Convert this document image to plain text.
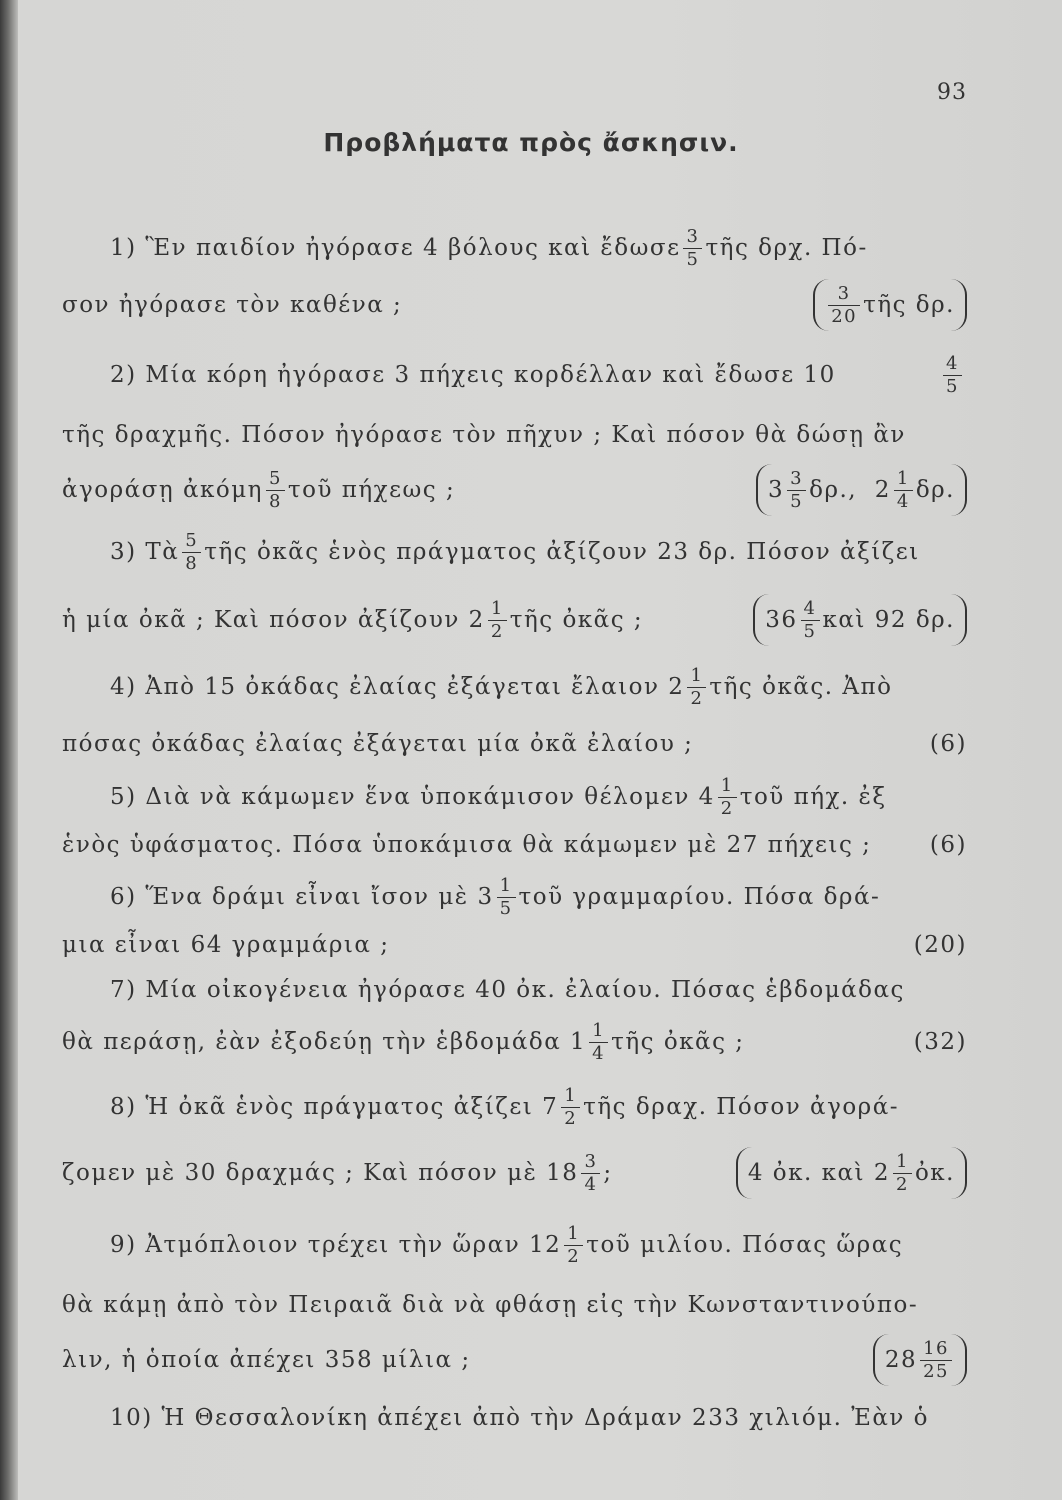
93
Προβλήματα πρὸς ἄσκησιν.
1) Ἓν παιδίον ἠγόρασε 4 βόλους καὶ ἔδωσε $\frac{3}{5}$ τῆς δρχ. Πό-
σον ἠγόρασε τὸν καθένα ;	$\frac{3}{20}$ τῆς δρ.
2) Μία κόρη ἠγόρασε 3 πήχεις κορδέλλαν καὶ ἔδωσε 10	$\frac{4}{5}$
τῆς δραχμῆς. Πόσον ἠγόρασε τὸν πῆχυν ; Καὶ πόσον θὰ δώσῃ ἂν
ἀγοράσῃ ἀκόμη $\frac{5}{8}$ τοῦ πήχεως ;	$3 \frac{3}{5} \delta\rho$.,
$2 \frac{1}{4} \delta\rho$.
3) Τὰ $\frac{5}{8}$ τῆς ὀκᾶς ἑνὸς πράγματος ἀξίζουν 23 δρ. Πόσον ἀξίζει
ἡ μία ὀκᾶ ; Καὶ πόσον ἀξίζουν $2 \frac{1}{2}$ τῆς ὀκᾶς ;	$36 \frac{4}{5}$ καὶ 92 δρ.
4) Ἀπὸ 15 ὀκάδας ἐλαίας ἐξάγεται ἔλαιον $2 \frac{1}{2}$ τῆς ὀκᾶς. Ἀπὸ
πόσας ὀκάδας ἐλαίας ἐξάγεται μία ὀκᾶ ἐλαίου ;	(6)
5) Διὰ νὰ κάμωμεν ἕνα ὑποκάμισον θέλομεν $4 \frac{1}{2}$ τοῦ πήχ. ἐξ
ἑνὸς ὑφάσματος. Πόσα ὑποκάμισα θὰ κάμωμεν μὲ 27 πήχεις ;	(6)
6) Ἕνα δράμι εἶναι ἴσον μὲ $3 \frac{1}{5}$ τοῦ γραμμαρίου. Πόσα δρά-
μια εἶναι 64 γραμμάρια ;	(20)
7) Μία οἰκογένεια ἠγόρασε 40 ὀκ. ἐλαίου. Πόσας ἑβδομάδας
θὰ περάσῃ, ἐὰν ἐξοδεύῃ τὴν ἑβδομάδα $1 \frac{1}{4}$ τῆς ὀκᾶς ;	(32)
8) Ἡ ὀκᾶ ἑνὸς πράγματος ἀξίζει $7 \frac{1}{2}$ τῆς δραχ. Πόσον ἀγορά-
ζομεν μὲ 30 δραχμάς ; Καὶ πόσον μὲ $18 \frac{3}{4}$ ;	4 ὀκ. καὶ $2 \frac{1}{2}$ ὀκ.
9) Ἀτμόπλοιον τρέχει τὴν ὥραν $12 \frac{1}{2}$ τοῦ μιλίου. Πόσας ὥρας
θὰ κάμῃ ἀπὸ τὸν Πειραιᾶ διὰ νὰ φθάσῃ εἰς τὴν Κωνσταντινούπο-
λιν, ἡ ὁποία ἀπέχει 358 μίλια ;	$28 \frac{16}{25}$
10) Ἡ Θεσσαλονίκη ἀπέχει ἀπὸ τὴν Δράμαν 233 χιλιόμ. Ἐὰν ὁ
